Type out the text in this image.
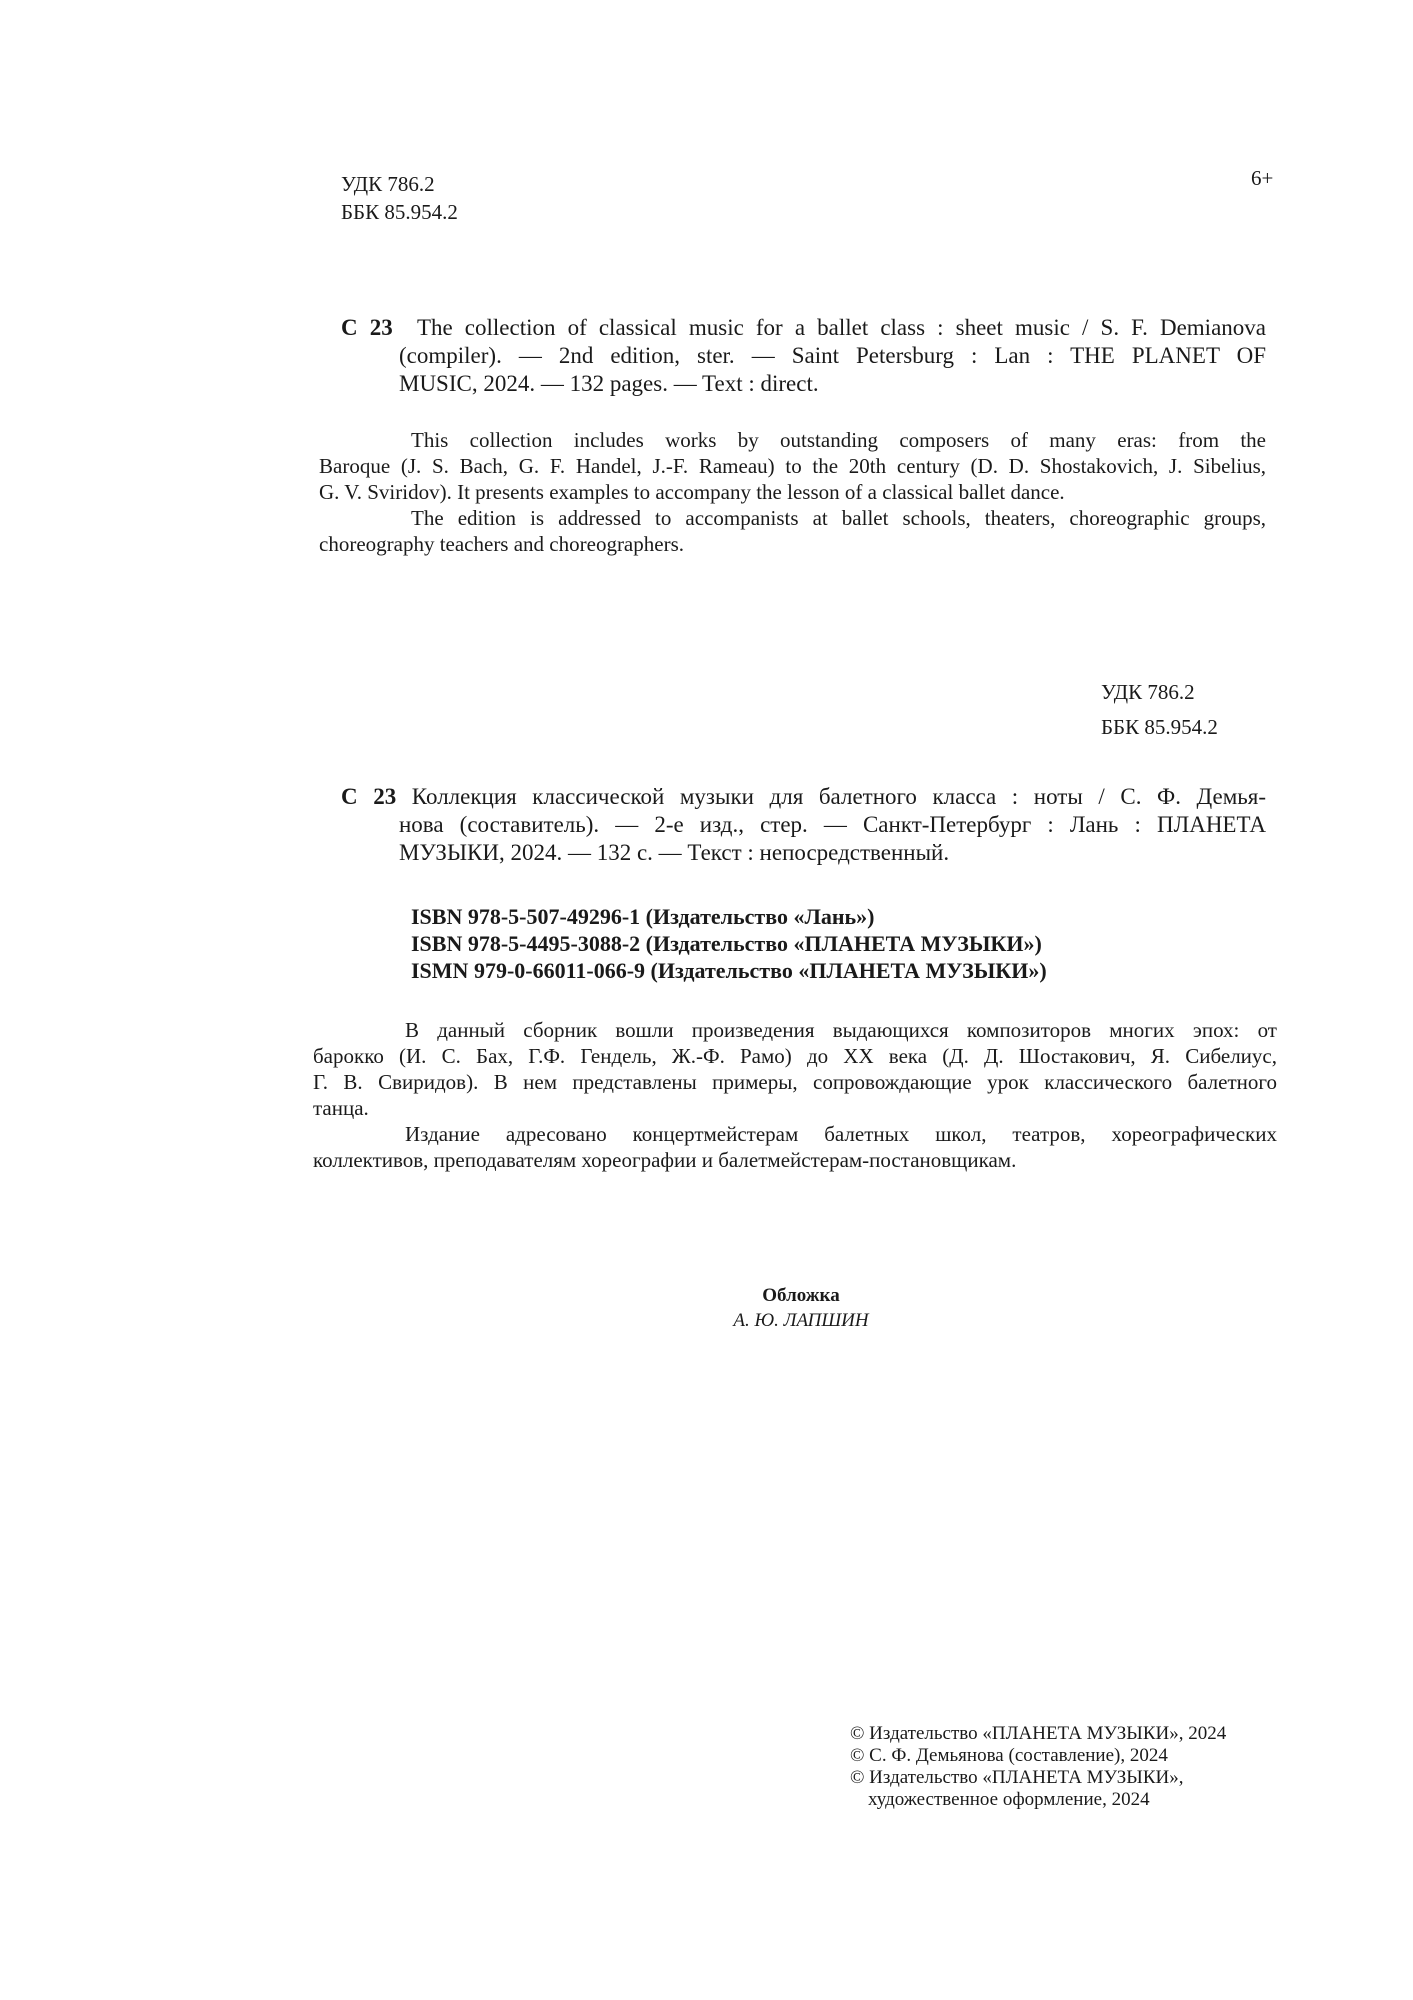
УДК 786.2
ББК 85.954.2
6+
С 23 The collection of classical music for a ballet class : sheet music / S. F. Demianova
(compiler). — 2nd edition, ster. — Saint Petersburg : Lan : THE PLANET OF
MUSIC, 2024. — 132 pages. — Text : direct.
This collection includes works by outstanding composers of many eras: from the
Baroque (J. S. Bach, G. F. Handel, J.-F. Rameau) to the 20th century (D. D. Shostakovich, J. Sibelius,
G. V. Sviridov). It presents examples to accompany the lesson of a classical ballet dance.
The edition is addressed to accompanists at ballet schools, theaters, choreographic groups,
choreography teachers and choreographers.
УДК 786.2
ББК 85.954.2
С 23 Коллекция классической музыки для балетного класса : ноты / С. Ф. Демья-
нова (составитель). — 2-е изд., стер. — Санкт-Петербург : Лань : ПЛАНЕТА
МУЗЫКИ, 2024. — 132 с. — Текст : непосредственный.
ISBN 978-5-507-49296-1 (Издательство «Лань»)
ISBN 978-5-4495-3088-2 (Издательство «ПЛАНЕТА МУЗЫКИ»)
ISMN 979-0-66011-066-9 (Издательство «ПЛАНЕТА МУЗЫКИ»)
В данный сборник вошли произведения выдающихся композиторов многих эпох: от
барокко (И. С. Бах, Г.Ф. Гендель, Ж.-Ф. Рамо) до XX века (Д. Д. Шостакович, Я. Сибелиус,
Г. В. Свиридов). В нем представлены примеры, сопровождающие урок классического балетного
танца.
Издание адресовано концертмейстерам балетных школ, театров, хореографических
коллективов, преподавателям хореографии и балетмейстерам-постановщикам.
Обложка
А. Ю. ЛАПШИН
© Издательство «ПЛАНЕТА МУЗЫКИ», 2024
© С. Ф. Демьянова (составление), 2024
© Издательство «ПЛАНЕТА МУЗЫКИ»,
художественное оформление, 2024
